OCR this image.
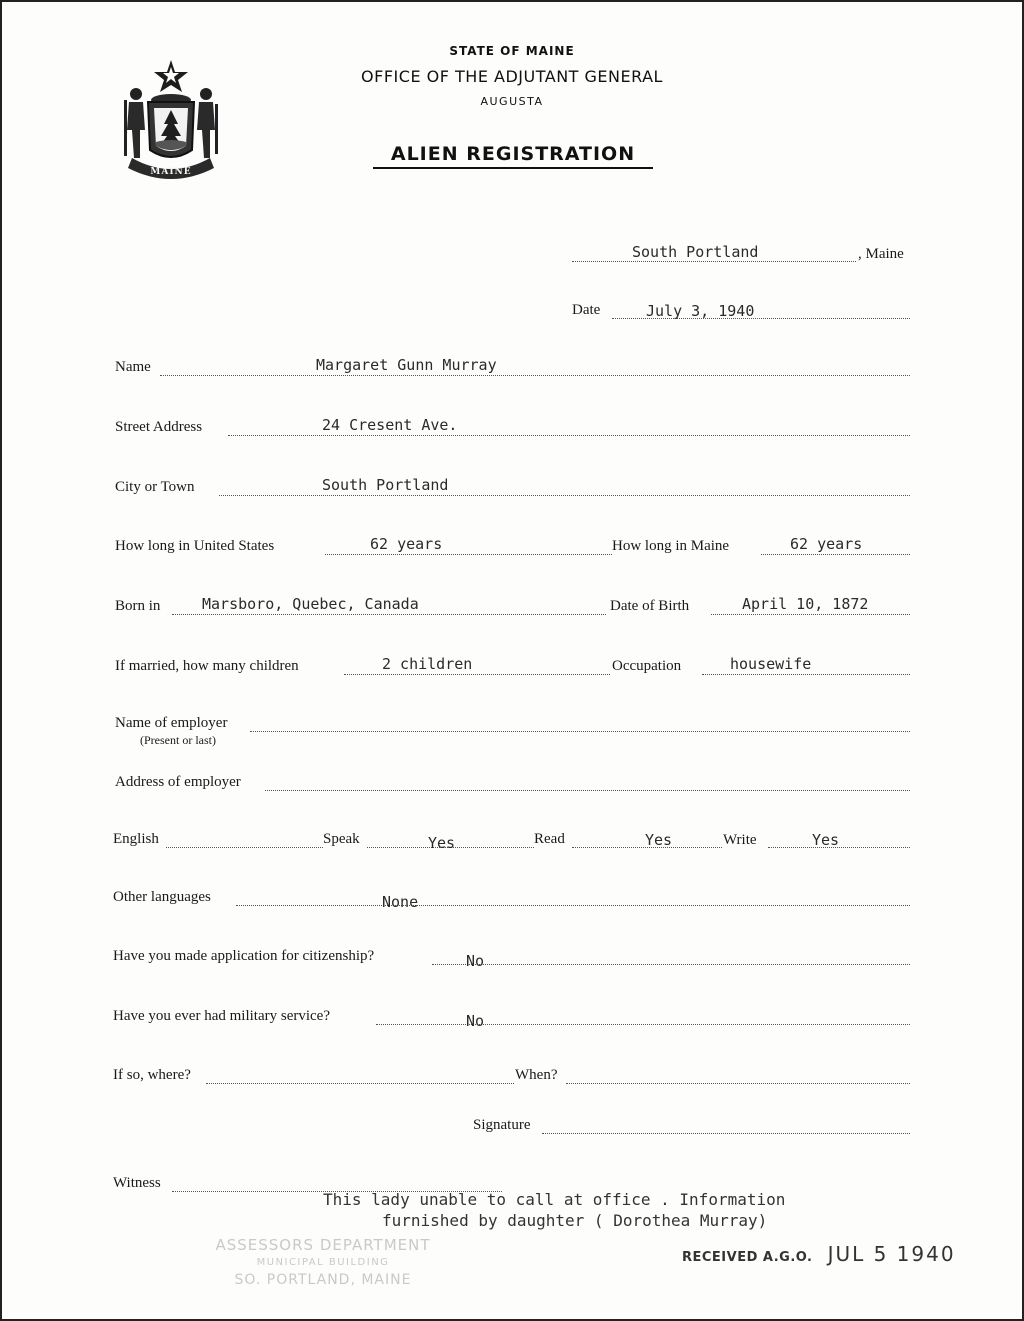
MAINE
STATE OF MAINE
OFFICE OF THE ADJUTANT GENERAL
AUGUSTA
ALIEN REGISTRATION
South Portland	, Maine
Date	July 3, 1940
Name	Margaret Gunn Murray
Street Address	24 Cresent Ave.
City or Town	South Portland
How long in United States	62 years	How long in Maine	62 years
Born in	Marsboro, Quebec, Canada	Date of Birth	April 10, 1872
If married, how many children	2 children	Occupation	housewife
Name of employer
(Present or last)
Address of employer
English	Speak	Yes	Read	Yes	Write	Yes
Other languages	None
Have you made application for citizenship?	No
Have you ever had military service?	No
If so, where?	When?
Signature
Witness
This lady unable to call at office . Information
furnished by daughter ( Dorothea Murray)
ASSESSORS DEPARTMENT
MUNICIPAL BUILDING
SO. PORTLAND, MAINE
RECEIVED A.G.O. JUL 5 1940
